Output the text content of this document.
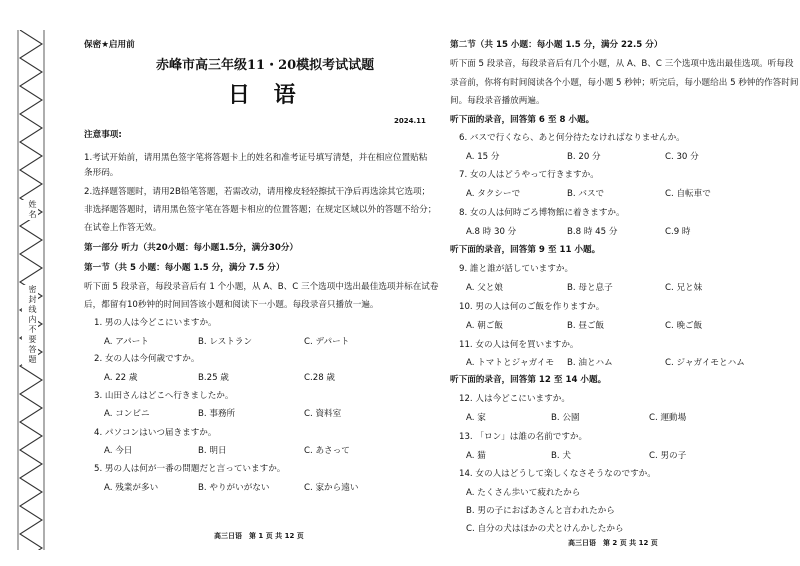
姓名
密封线内不要答题
保密★启用前
赤峰市高三年级11・20模拟考试试题
日 语
2024.11
注意事项:
1.考试开始前，请用黑色签字笔将答题卡上的姓名和准考证号填写清楚，并在相应位置贴粘
条形码。
2.选择题答题时，请用2B铅笔答题，若需改动，请用橡皮轻轻擦拭干净后再选涂其它选项；
非选择题答题时，请用黑色签字笔在答题卡相应的位置答题；在规定区域以外的答题不给分；
在试卷上作答无效。
第一部分 听力（共20小题：每小题1.5分，满分30分）
第一节（共 5 小题：每小题 1.5 分，满分 7.5 分）
听下面 5 段录音，每段录音后有 1 个小题，从 A、B、C 三个选项中选出最佳选项并标在试卷
后，都留有10秒钟的时间回答该小题和阅读下一小题。每段录音只播放一遍。
1. 男の人は今どこにいますか。
A. アパート	B. レストラン	C. デパート
2. 女の人は今何歳ですか。
A. 22 歳	B.25 歳	C.28 歳
3. 山田さんはどこへ行きましたか。
A. コンビニ	B. 事務所	C. 資料室
4. パソコンはいつ届きますか。
A. 今日	B. 明日	C. あさって
5. 男の人は何が一番の問題だと言っていますか。
A. 残業が多い	B. やりがいがない	C. 家から遠い
高三日语　第 1 页 共 12 页
第二节（共 15 小题：每小题 1.5 分，满分 22.5 分）
听下面 5 段录音，每段录音后有几个小题，从 A、B、C 三个选项中选出最佳选项。听每段
录音前，你将有时间阅读各个小题，每小题 5 秒钟；听完后，每小题给出 5 秒钟的作答时间
间。每段录音播放两遍。
听下面的录音，回答第 6 至 8 小题。
6. バスで行くなら、あと何分待たなければなりませんか。
A. 15 分	B. 20 分	C. 30 分
7. 女の人はどうやって行きますか。
A. タクシーで	B. バスで	C. 自転車で
8. 女の人は何時ごろ博物館に着きますか。
A.8 時 30 分	B.8 時 45 分	C.9 時
听下面的录音，回答第 9 至 11 小题。
9. 誰と誰が話していますか。
A. 父と娘	B. 母と息子	C. 兄と妹
10. 男の人は何のご飯を作りますか。
A. 朝ご飯	B. 昼ご飯	C. 晩ご飯
11. 女の人は何を買いますか。
A. トマトとジャガイモ B. 油とハム	C. ジャガイモとハム
听下面的录音，回答第 12 至 14 小题。
12. 人は今どこにいますか。
A. 家	B. 公園	C. 運動場
13. 「ロン」は誰の名前ですか。
A. 猫	B. 犬	C. 男の子
14. 女の人はどうして楽しくなさそうなのですか。
A. たくさん歩いて疲れたから
B. 男の子におばあさんと言われたから
C. 自分の犬はほかの犬とけんかしたから
高三日语　第 2 页 共 12 页
